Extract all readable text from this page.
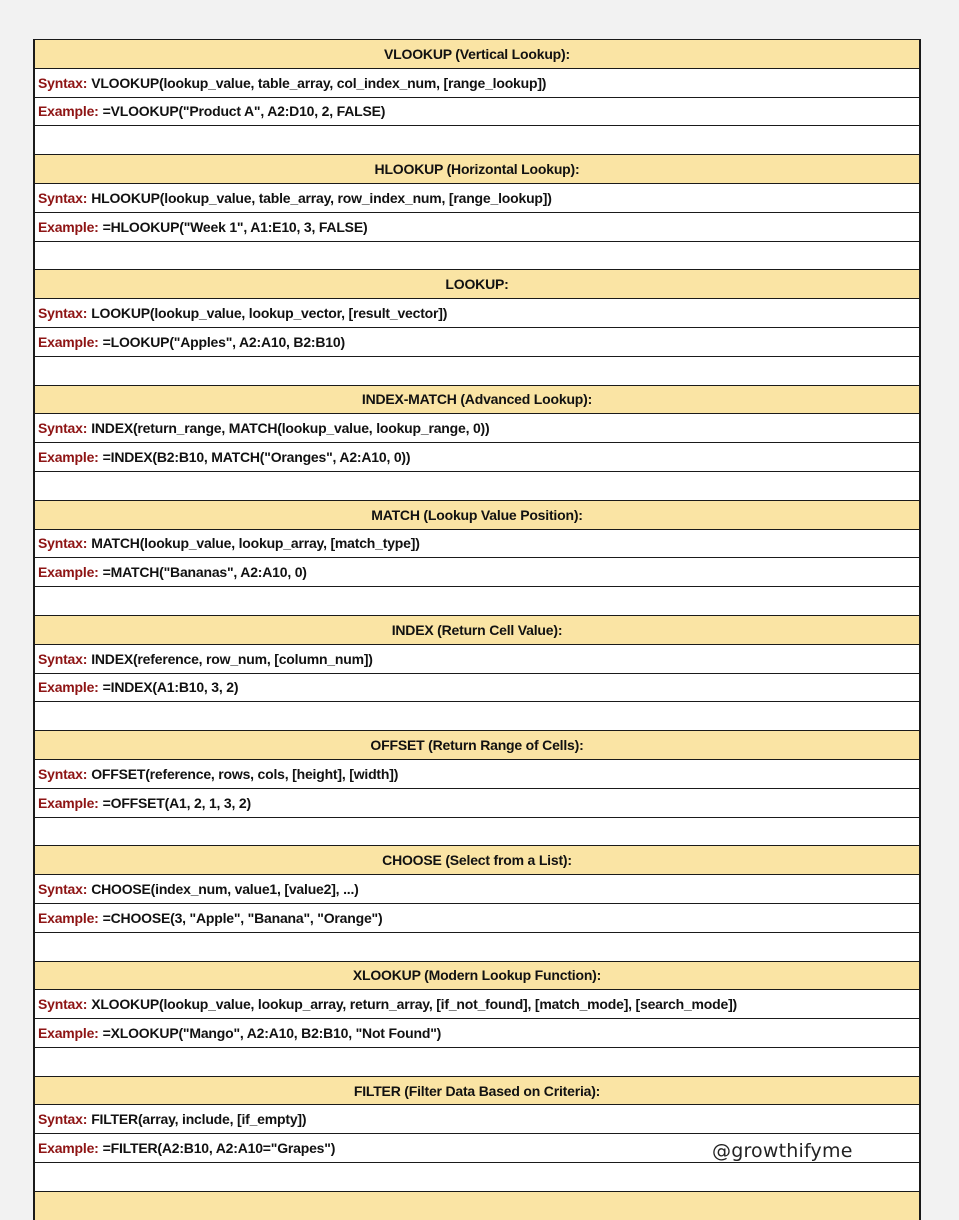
VLOOKUP (Vertical Lookup):
Syntax: VLOOKUP(lookup_value, table_array, col_index_num, [range_lookup])
Example: =VLOOKUP("Product A", A2:D10, 2, FALSE)
HLOOKUP (Horizontal Lookup):
Syntax: HLOOKUP(lookup_value, table_array, row_index_num, [range_lookup])
Example: =HLOOKUP("Week 1", A1:E10, 3, FALSE)
LOOKUP:
Syntax: LOOKUP(lookup_value, lookup_vector, [result_vector])
Example: =LOOKUP("Apples", A2:A10, B2:B10)
INDEX-MATCH (Advanced Lookup):
Syntax: INDEX(return_range, MATCH(lookup_value, lookup_range, 0))
Example: =INDEX(B2:B10, MATCH("Oranges", A2:A10, 0))
MATCH (Lookup Value Position):
Syntax: MATCH(lookup_value, lookup_array, [match_type])
Example: =MATCH("Bananas", A2:A10, 0)
INDEX (Return Cell Value):
Syntax: INDEX(reference, row_num, [column_num])
Example: =INDEX(A1:B10, 3, 2)
OFFSET (Return Range of Cells):
Syntax: OFFSET(reference, rows, cols, [height], [width])
Example: =OFFSET(A1, 2, 1, 3, 2)
CHOOSE (Select from a List):
Syntax: CHOOSE(index_num, value1, [value2], ...)
Example: =CHOOSE(3, "Apple", "Banana", "Orange")
XLOOKUP (Modern Lookup Function):
Syntax: XLOOKUP(lookup_value, lookup_array, return_array, [if_not_found], [match_mode], [search_mode])
Example: =XLOOKUP("Mango", A2:A10, B2:B10, "Not Found")
FILTER (Filter Data Based on Criteria):
Syntax: FILTER(array, include, [if_empty])
Example: =FILTER(A2:B10, A2:A10="Grapes")	@growthifyme
